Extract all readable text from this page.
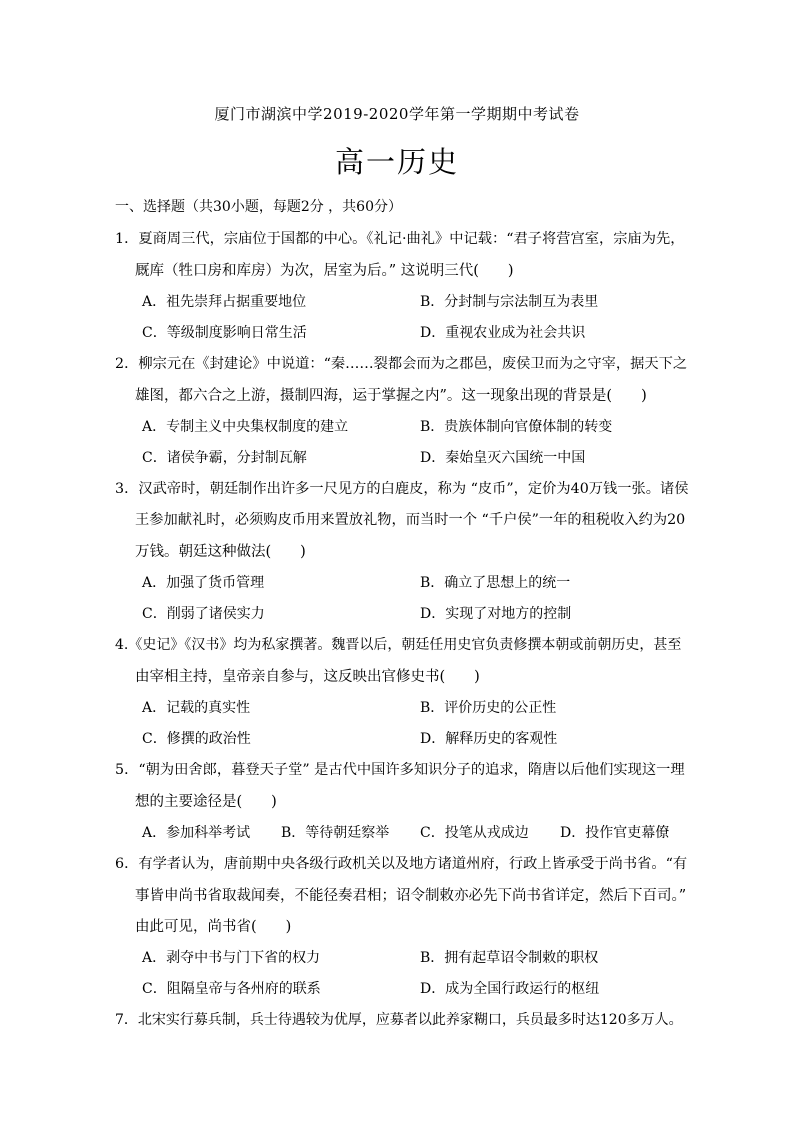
厦门市湖滨中学2019-2020学年第一学期期中考试卷
高一历史
一、选择题（共30小题，每题2分 ，共60分）
1．夏商周三代，宗庙位于国都的中心。《礼记·曲礼》中记载：“君子将营宫室，宗庙为先，
厩库（牲口房和库房）为次，居室为后。” 这说明三代(　　)
A．祖先崇拜占据重要地位	B．分封制与宗法制互为表里
C．等级制度影响日常生活	D．重视农业成为社会共识
2．柳宗元在《封建论》中说道：“秦……裂都会而为之郡邑，废侯卫而为之守宰，据天下之
雄图，都六合之上游，摄制四海，运于掌握之内”。这一现象出现的背景是(　　)
A．专制主义中央集权制度的建立	B．贵族体制向官僚体制的转变
C．诸侯争霸，分封制瓦解	D．秦始皇灭六国统一中国
3．汉武帝时，朝廷制作出许多一尺见方的白鹿皮，称为 “皮币”，定价为40万钱一张。诸侯
王参加献礼时，必须购皮币用来置放礼物，而当时一个 “千户侯”一年的租税收入约为20
万钱。朝廷这种做法(　　)
A．加强了货币管理	B．确立了思想上的统一
C．削弱了诸侯实力	D．实现了对地方的控制
4.《史记》《汉书》均为私家撰著。魏晋以后，朝廷任用史官负责修撰本朝或前朝历史，甚至
由宰相主持，皇帝亲自参与，这反映出官修史书(　　)
A．记载的真实性	B．评价历史的公正性
C．修撰的政治性	D．解释历史的客观性
5．“朝为田舍郎，暮登天子堂” 是古代中国许多知识分子的追求，隋唐以后他们实现这一理
想的主要途径是(　　)
A．参加科举考试 B．等待朝廷察举 C．投笔从戎成边 D．投作官吏幕僚
6．有学者认为，唐前期中央各级行政机关以及地方诸道州府，行政上皆承受于尚书省。“有
事皆申尚书省取裁闻奏，不能径奏君相；诏令制敕亦必先下尚书省详定，然后下百司。”
由此可见，尚书省(　　)
A．剥夺中书与门下省的权力	B．拥有起草诏令制敕的职权
C．阻隔皇帝与各州府的联系	D．成为全国行政运行的枢纽
7．北宋实行募兵制，兵士待遇较为优厚，应募者以此养家糊口，兵员最多时达120多万人。
